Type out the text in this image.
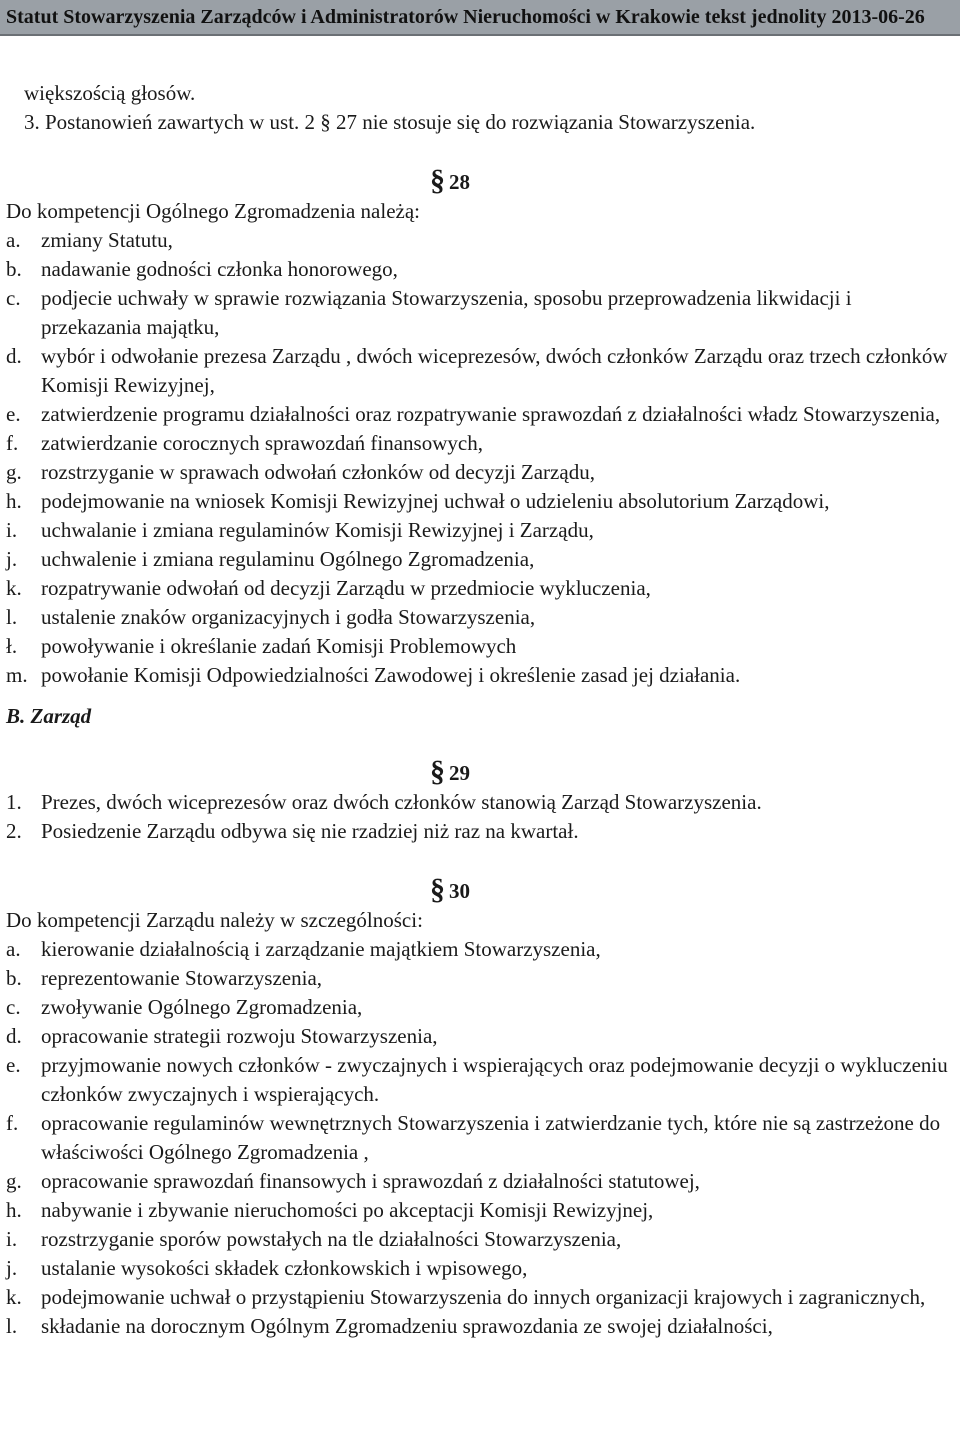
Statut Stowarzyszenia Zarządców i Administratorów Nieruchomości w Krakowie tekst jednolity 2013-06-26
większością głosów.
3. Postanowień zawartych w ust. 2 § 27 nie stosuje się do rozwiązania Stowarzyszenia.
§ 28
Do kompetencji Ogólnego Zgromadzenia należą:
a. zmiany Statutu,
b. nadawanie godności członka honorowego,
c. podjecie uchwały w sprawie rozwiązania Stowarzyszenia, sposobu przeprowadzenia likwidacji i przekazania majątku,
d. wybór i odwołanie prezesa Zarządu , dwóch wiceprezesów, dwóch członków Zarządu oraz trzech członków Komisji Rewizyjnej,
e. zatwierdzenie programu działalności oraz rozpatrywanie sprawozdań z działalności władz Stowarzyszenia,
f. zatwierdzanie corocznych sprawozdań finansowych,
g. rozstrzyganie w sprawach odwołań członków od decyzji Zarządu,
h. podejmowanie na wniosek Komisji Rewizyjnej uchwał o udzieleniu absolutorium Zarządowi,
i. uchwalanie i zmiana regulaminów Komisji Rewizyjnej i Zarządu,
j. uchwalenie i zmiana regulaminu Ogólnego Zgromadzenia,
k. rozpatrywanie odwołań od decyzji Zarządu w przedmiocie wykluczenia,
l. ustalenie znaków organizacyjnych i godła Stowarzyszenia,
ł. powoływanie i określanie zadań Komisji Problemowych
m. powołanie Komisji Odpowiedzialności Zawodowej i określenie zasad jej działania.
B. Zarząd
§ 29
1. Prezes, dwóch wiceprezesów oraz dwóch członków stanowią Zarząd Stowarzyszenia.
2. Posiedzenie Zarządu odbywa się nie rzadziej niż raz na kwartał.
§ 30
Do kompetencji Zarządu należy w szczególności:
a. kierowanie działalnością i zarządzanie majątkiem Stowarzyszenia,
b. reprezentowanie Stowarzyszenia,
c. zwoływanie Ogólnego Zgromadzenia,
d. opracowanie strategii rozwoju Stowarzyszenia,
e. przyjmowanie nowych członków - zwyczajnych i wspierających oraz podejmowanie decyzji o wykluczeniu członków zwyczajnych i wspierających.
f. opracowanie regulaminów wewnętrznych Stowarzyszenia i zatwierdzanie tych, które nie są zastrzeżone do właściwości Ogólnego Zgromadzenia ,
g. opracowanie sprawozdań finansowych i sprawozdań z działalności statutowej,
h. nabywanie i zbywanie nieruchomości po akceptacji Komisji Rewizyjnej,
i. rozstrzyganie sporów powstałych na tle działalności Stowarzyszenia,
j. ustalanie wysokości składek członkowskich i wpisowego,
k. podejmowanie uchwał o przystąpieniu Stowarzyszenia do innych organizacji krajowych i zagranicznych,
l. składanie na dorocznym Ogólnym Zgromadzeniu sprawozdania ze swojej działalności,
